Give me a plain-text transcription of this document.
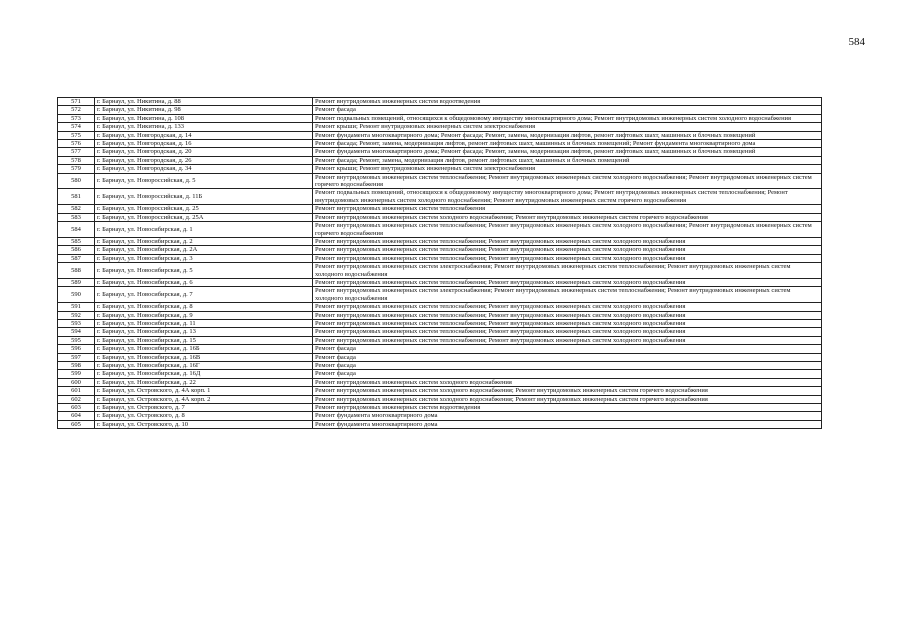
584
571	г. Барнаул, ул. Никитина, д. 88	Ремонт внутридомовых инженерных систем водоотведения
572	г. Барнаул, ул. Никитина, д. 98	Ремонт фасада
573	г. Барнаул, ул. Никитина, д. 108	Ремонт подвальных помещений, относящихся к общедомовому имуществу многоквартирного дома; Ремонт внутридомовых инженерных систем холодного водоснабжения
574	г. Барнаул, ул. Никитина, д. 133	Ремонт крыши; Ремонт внутридомовых инженерных систем электроснабжения
575	г. Барнаул, ул. Новгородская, д. 14	Ремонт фундамента многоквартирного дома; Ремонт фасада; Ремонт, замена, модернизация лифтов, ремонт лифтовых шахт, машинных и блочных помещений
576	г. Барнаул, ул. Новгородская, д. 16	Ремонт фасада; Ремонт, замена, модернизация лифтов, ремонт лифтовых шахт, машинных и блочных помещений; Ремонт фундамента многоквартирного дома
577	г. Барнаул, ул. Новгородская, д. 20	Ремонт фундамента многоквартирного дома; Ремонт фасада; Ремонт, замена, модернизация лифтов, ремонт лифтовых шахт, машинных и блочных помещений
578	г. Барнаул, ул. Новгородская, д. 26	Ремонт фасада; Ремонт, замена, модернизация лифтов, ремонт лифтовых шахт, машинных и блочных помещений
579	г. Барнаул, ул. Новгородская, д. 34	Ремонт крыши; Ремонт внутридомовых инженерных систем электроснабжения
580	г. Барнаул, ул. Новороссийская, д. 5	Ремонт внутридомовых инженерных систем теплоснабжения; Ремонт внутридомовых инженерных систем холодного водоснабжения; Ремонт внутридомовых инженерных систем горячего водоснабжения
581	г. Барнаул, ул. Новороссийская, д. 11Б	Ремонт подвальных помещений, относящихся к общедомовому имуществу многоквартирного дома; Ремонт внутридомовых инженерных систем теплоснабжения; Ремонт внутридомовых инженерных систем холодного водоснабжения; Ремонт внутридомовых инженерных систем горячего водоснабжения
582	г. Барнаул, ул. Новороссийская, д. 25	Ремонт внутридомовых инженерных систем теплоснабжения
583	г. Барнаул, ул. Новороссийская, д. 25А	Ремонт внутридомовых инженерных систем холодного водоснабжения; Ремонт внутридомовых инженерных систем горячего водоснабжения
584	г. Барнаул, ул. Новосибирская, д. 1	Ремонт внутридомовых инженерных систем теплоснабжения; Ремонт внутридомовых инженерных систем холодного водоснабжения; Ремонт внутридомовых инженерных систем горячего водоснабжения
585	г. Барнаул, ул. Новосибирская, д. 2	Ремонт внутридомовых инженерных систем теплоснабжения; Ремонт внутридомовых инженерных систем холодного водоснабжения
586	г. Барнаул, ул. Новосибирская, д. 2А	Ремонт внутридомовых инженерных систем теплоснабжения; Ремонт внутридомовых инженерных систем холодного водоснабжения
587	г. Барнаул, ул. Новосибирская, д. 3	Ремонт внутридомовых инженерных систем теплоснабжения; Ремонт внутридомовых инженерных систем холодного водоснабжения
588	г. Барнаул, ул. Новосибирская, д. 5	Ремонт внутридомовых инженерных систем электроснабжения; Ремонт внутридомовых инженерных систем теплоснабжения; Ремонт внутридомовых инженерных систем холодного водоснабжения
589	г. Барнаул, ул. Новосибирская, д. 6	Ремонт внутридомовых инженерных систем теплоснабжения; Ремонт внутридомовых инженерных систем холодного водоснабжения
590	г. Барнаул, ул. Новосибирская, д. 7	Ремонт внутридомовых инженерных систем электроснабжения; Ремонт внутридомовых инженерных систем теплоснабжения; Ремонт внутридомовых инженерных систем холодного водоснабжения
591	г. Барнаул, ул. Новосибирская, д. 8	Ремонт внутридомовых инженерных систем теплоснабжения; Ремонт внутридомовых инженерных систем холодного водоснабжения
592	г. Барнаул, ул. Новосибирская, д. 9	Ремонт внутридомовых инженерных систем теплоснабжения; Ремонт внутридомовых инженерных систем холодного водоснабжения
593	г. Барнаул, ул. Новосибирская, д. 11	Ремонт внутридомовых инженерных систем теплоснабжения; Ремонт внутридомовых инженерных систем холодного водоснабжения
594	г. Барнаул, ул. Новосибирская, д. 13	Ремонт внутридомовых инженерных систем теплоснабжения; Ремонт внутридомовых инженерных систем холодного водоснабжения
595	г. Барнаул, ул. Новосибирская, д. 15	Ремонт внутридомовых инженерных систем теплоснабжения; Ремонт внутридомовых инженерных систем холодного водоснабжения
596	г. Барнаул, ул. Новосибирская, д. 16Б	Ремонт фасада
597	г. Барнаул, ул. Новосибирская, д. 16В	Ремонт фасада
598	г. Барнаул, ул. Новосибирская, д. 16Г	Ремонт фасада
599	г. Барнаул, ул. Новосибирская, д. 16Д	Ремонт фасада
600	г. Барнаул, ул. Новосибирская, д. 22	Ремонт внутридомовых инженерных систем холодного водоснабжения
601	г. Барнаул, ул. Островского, д. 4А корп. 1	Ремонт внутридомовых инженерных систем холодного водоснабжения; Ремонт внутридомовых инженерных систем горячего водоснабжения
602	г. Барнаул, ул. Островского, д. 4А корп. 2	Ремонт внутридомовых инженерных систем холодного водоснабжения; Ремонт внутридомовых инженерных систем горячего водоснабжения
603	г. Барнаул, ул. Островского, д. 7	Ремонт внутридомовых инженерных систем водоотведения
604	г. Барнаул, ул. Островского, д. 8	Ремонт фундамента многоквартирного дома
605	г. Барнаул, ул. Островского, д. 10	Ремонт фундамента многоквартирного дома
